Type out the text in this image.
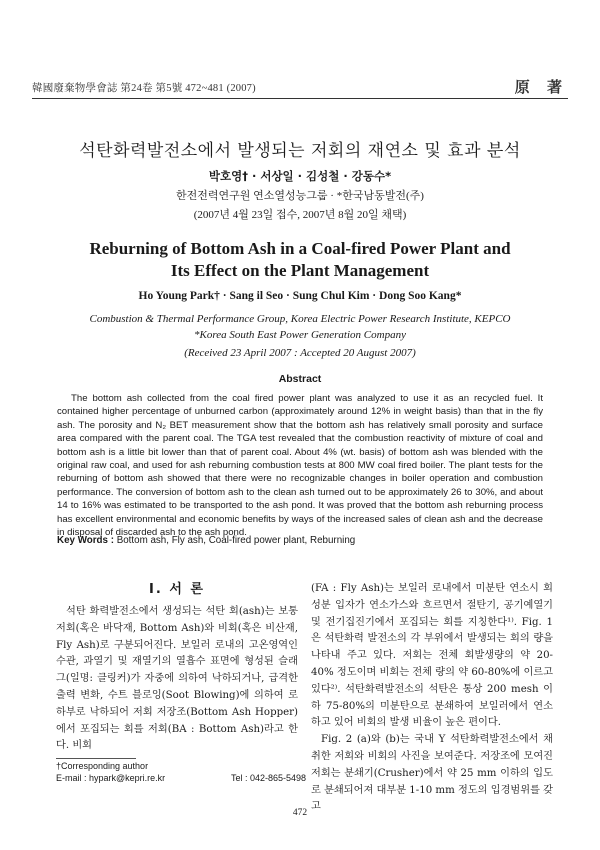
韓國廢棄物學會誌 第24卷 第5號 472~481 (2007)	原 著
석탄화력발전소에서 발생되는 저회의 재연소 및 효과 분석
박호영† · 서상일 · 김성철 · 강동수*
한전전력연구원 연소열성능그룹 · *한국남동발전(주)
(2007년 4월 23일 접수, 2007년 8월 20일 채택)
Reburning of Bottom Ash in a Coal-fired Power Plant and
Its Effect on the Plant Management
Ho Young Park† · Sang il Seo · Sung Chul Kim · Dong Soo Kang*
Combustion & Thermal Performance Group, Korea Electric Power Research Institute, KEPCO
*Korea South East Power Generation Company
(Received 23 April 2007 : Accepted 20 August 2007)
Abstract

The bottom ash collected from the coal fired power plant was analyzed to use it as an recycled fuel. It contained higher percentage of unburned carbon (approximately around 12% in weight basis) than that in the fly ash. The porosity and N₂ BET measurement show that the bottom ash has relatively small porosity and surface area compared with the parent coal. The TGA test revealed that the combustion reactivity of mixture of coal and bottom ash is a little bit lower than that of parent coal. About 4% (wt. basis) of bottom ash was blended with the original raw coal, and used for ash reburning combustion tests at 800 MW coal fired boiler. The plant tests for the reburning of bottom ash showed that there were no recognizable changes in boiler operation and combustion performance. The conversion of bottom ash to the clean ash turned out to be approximately 26 to 30%, and about 14 to 16% was estimated to be transported to the ash pond. It was proved that the bottom ash reburning process has excellent environmental and economic benefits by ways of the increased sales of clean ash and the decrease in disposal of discarded ash to the ash pond.

Key Words : Bottom ash, Fly ash, Coal-fired power plant, Reburning
I. 서 론

석탄 화력발전소에서 생성되는 석탄 회(ash)는 보통 저회(혹은 바닥재, Bottom Ash)와 비회(혹은 비산재, Fly Ash)로 구분되어진다. 보일러 로내의 고온영역인 수관, 과열기 및 재열기의 열흡수 표면에 형성된 슬래그(일명: 클링커)가 자중에 의하여 낙하되거나, 급격한 출력 변화, 수트 블로잉(Soot Blowing)에 의하여 로하부로 낙하되어 저회 저장조(Bottom Ash Hopper)에서 포집되는 회를 저회(BA : Bottom Ash)라고 한다. 비회

(FA : Fly Ash)는 보일러 로내에서 미분탄 연소시 회성분 입자가 연소가스와 흐르면서 절탄기, 공기예열기 및 전기집진기에서 포집되는 회를 지칭한다¹⁾. Fig. 1은 석탄화력 발전소의 각 부위에서 발생되는 회의 량을 나타내 주고 있다. 저회는 전체 회발생량의 약 20-40% 정도이며 비회는 전체 량의 약 60-80%에 이르고 있다²⁾. 석탄화력발전소의 석탄은 통상 200 mesh 이하 75-80%의 미분탄으로 분쇄하여 보일러에서 연소하고 있어 비회의 발생 비율이 높은 편이다.

Fig. 2 (a)와 (b)는 국내 Y 석탄화력발전소에서 채취한 저회와 비회의 사진을 보여준다. 저장조에 모여진 저회는 분쇄기(Crusher)에서 약 25 mm 이하의 입도로 분쇄되어져 대부분 1-10 mm 정도의 입경범위를 갖고

†Corresponding author
E-mail : hypark@kepri.re.kr	Tel : 042-865-5498
472
